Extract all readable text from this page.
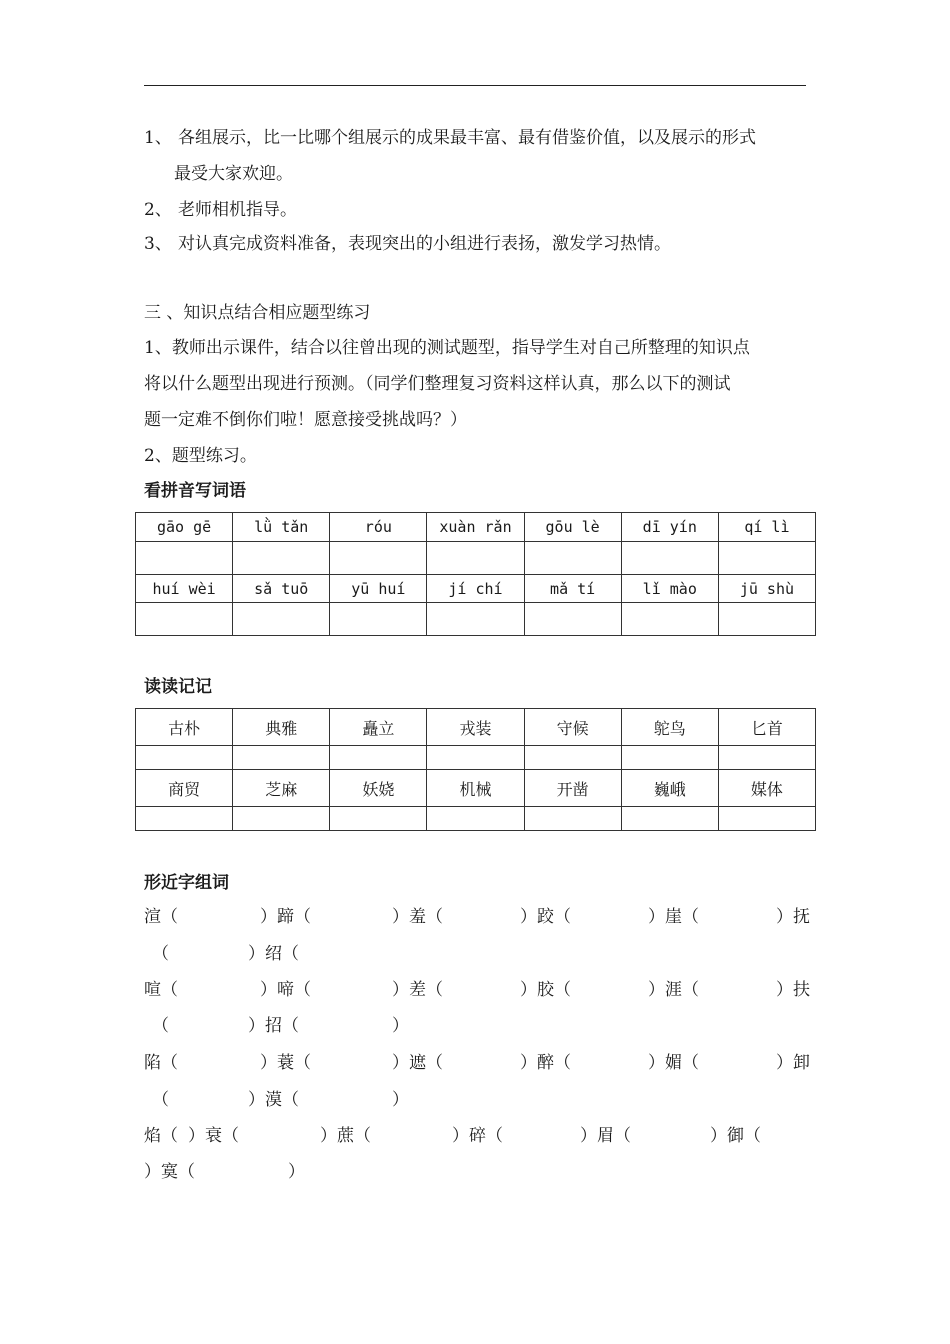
1、 各组展示，比一比哪个组展示的成果最丰富、最有借鉴价值，以及展示的形式
最受大家欢迎。
2、 老师相机指导。
3、 对认真完成资料准备，表现突出的小组进行表扬，激发学习热情。
三 、知识点结合相应题型练习
1、教师出示课件，结合以往曾出现的测试题型，指导学生对自己所整理的知识点
将以什么题型出现进行预测。（同学们整理复习资料这样认真，那么以下的测试
题一定难不倒你们啦！愿意接受挑战吗？）
2、题型练习。
看拼音写词语
gāo gē	lǜ tǎn	róu	xuàn rǎn	gōu lè	dī yín	qí lì

huí wèi	sǎ tuō	yū huí	jí chí	mǎ tí	lǐ mào	jū shù

读读记记
古朴	典雅	矗立	戎装	守候	鸵鸟	匕首

商贸	芝麻	妖娆	机械	开凿	巍峨	媒体

形近字组词
渲（	）蹄（	）羞（	）跤（	）崖（	）抚
（	）绍（
喧（	）啼（	）差（	）胶（	）涯（	）扶
（	）招（	）
陷（	）蓑（	）遮（	）醉（	）媚（	）卸
（	）漠（	）
焰（ ）衰（	）蔗（	）碎（	）眉（	）御（
）寞（	）
